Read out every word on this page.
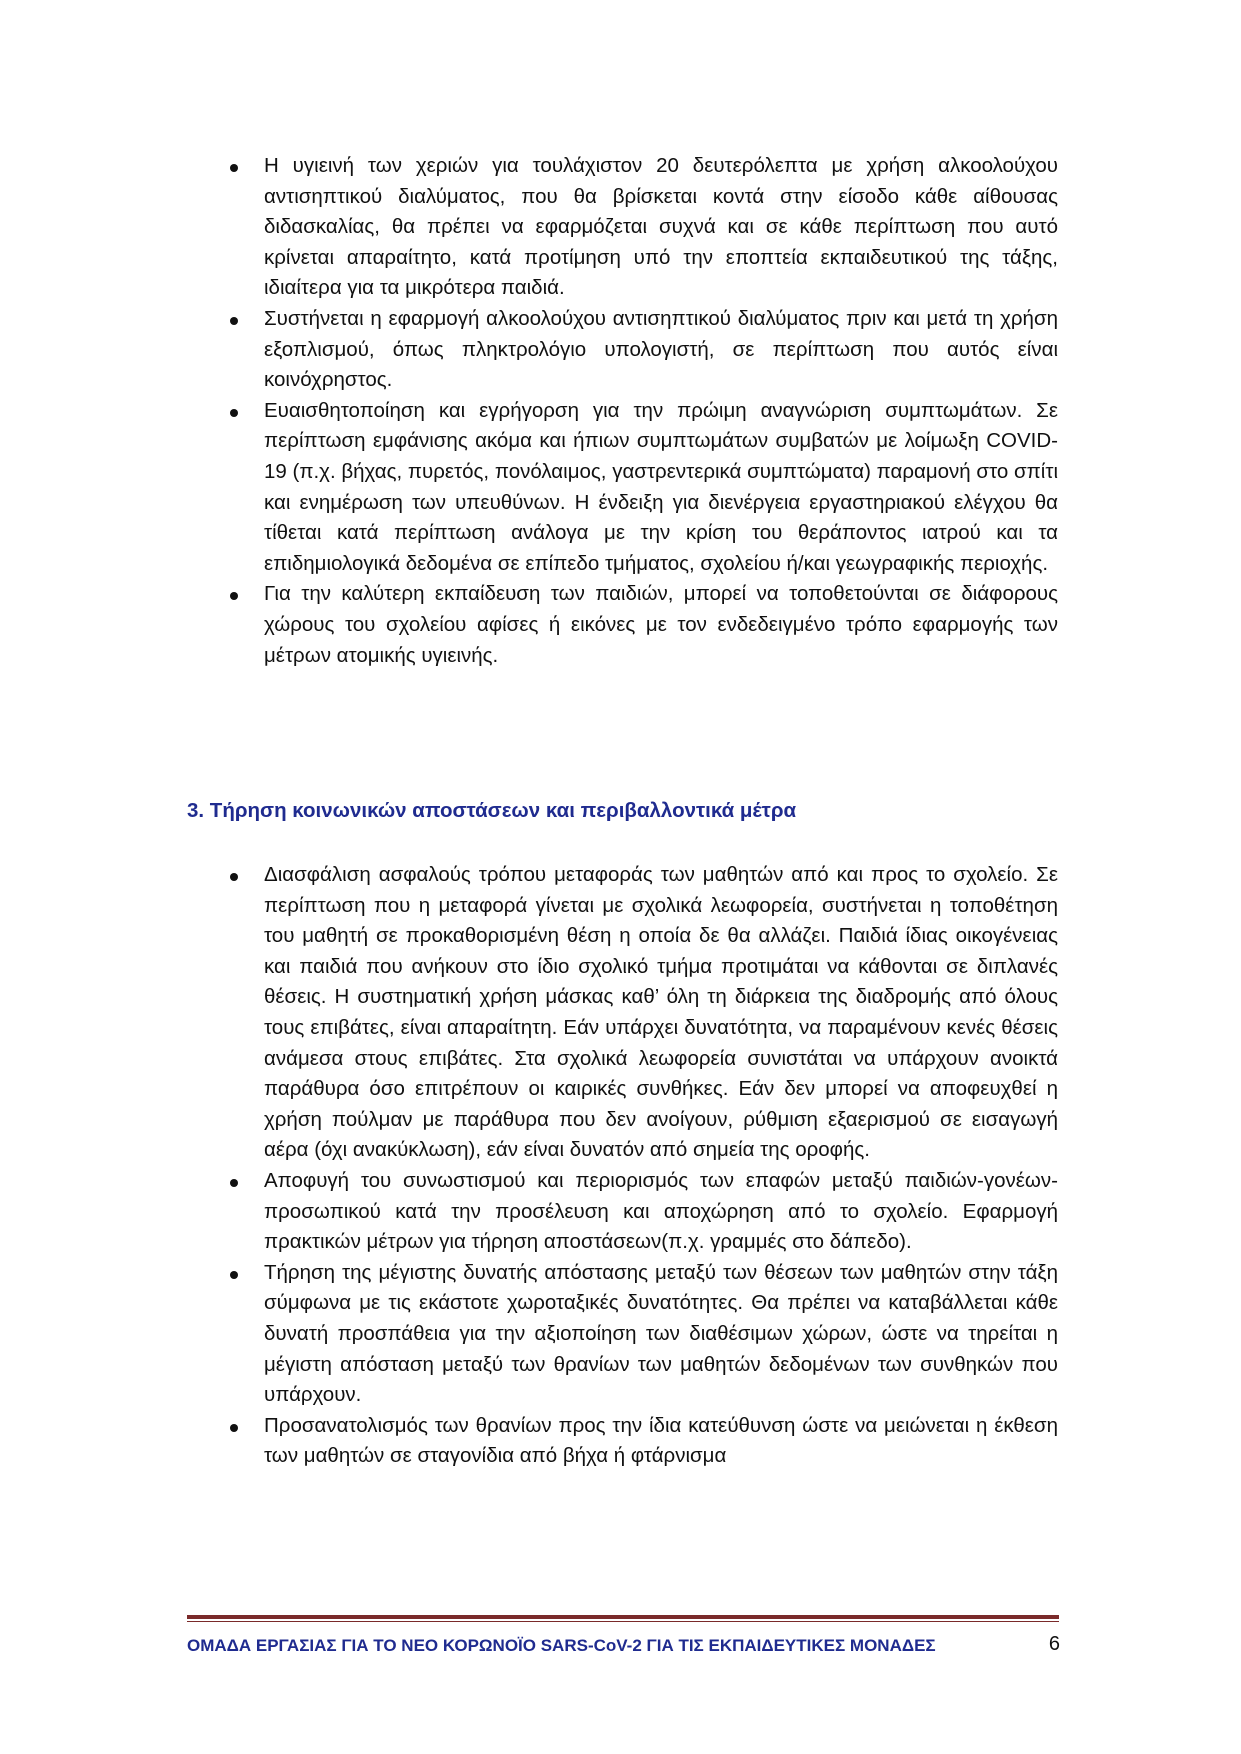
Η υγιεινή των χεριών για τουλάχιστον 20 δευτερόλεπτα με χρήση αλκοολούχου αντισηπτικού διαλύματος, που θα βρίσκεται κοντά στην είσοδο κάθε αίθουσας διδασκαλίας, θα πρέπει να εφαρμόζεται συχνά και σε κάθε περίπτωση που αυτό κρίνεται απαραίτητο, κατά προτίμηση υπό την εποπτεία εκπαιδευτικού της τάξης, ιδιαίτερα για τα μικρότερα παιδιά.
Συστήνεται η εφαρμογή αλκοολούχου αντισηπτικού διαλύματος πριν και μετά τη χρήση εξοπλισμού, όπως πληκτρολόγιο υπολογιστή, σε περίπτωση που αυτός είναι κοινόχρηστος.
Ευαισθητοποίηση και εγρήγορση για την πρώιμη αναγνώριση συμπτωμάτων. Σε περίπτωση εμφάνισης ακόμα και ήπιων συμπτωμάτων συμβατών με λοίμωξη COVID-19 (π.χ. βήχας, πυρετός, πονόλαιμος, γαστρεντερικά συμπτώματα) παραμονή στο σπίτι και ενημέρωση των υπευθύνων. Η ένδειξη για διενέργεια εργαστηριακού ελέγχου θα τίθεται κατά περίπτωση ανάλογα με την κρίση του θεράποντος ιατρού και τα επιδημιολογικά δεδομένα σε επίπεδο τμήματος, σχολείου ή/και γεωγραφικής περιοχής.
Για την καλύτερη εκπαίδευση των παιδιών, μπορεί να τοποθετούνται σε διάφορους χώρους του σχολείου αφίσες ή εικόνες με τον ενδεδειγμένο τρόπο εφαρμογής των μέτρων ατομικής υγιεινής.
3. Τήρηση κοινωνικών αποστάσεων και περιβαλλοντικά μέτρα
Διασφάλιση ασφαλούς τρόπου μεταφοράς των μαθητών από και προς το σχολείο. Σε περίπτωση που η μεταφορά γίνεται με σχολικά λεωφορεία, συστήνεται η τοποθέτηση του μαθητή σε προκαθορισμένη θέση η οποία δε θα αλλάζει. Παιδιά ίδιας οικογένειας και παιδιά που ανήκουν στο ίδιο σχολικό τμήμα προτιμάται να κάθονται σε διπλανές θέσεις. Η συστηματική χρήση μάσκας καθ’ όλη τη διάρκεια της διαδρομής από όλους τους επιβάτες, είναι απαραίτητη. Εάν υπάρχει δυνατότητα, να παραμένουν κενές θέσεις ανάμεσα στους επιβάτες. Στα σχολικά λεωφορεία συνιστάται να υπάρχουν ανοικτά παράθυρα όσο επιτρέπουν οι καιρικές συνθήκες. Εάν δεν μπορεί να αποφευχθεί η χρήση πούλμαν με παράθυρα που δεν ανοίγουν, ρύθμιση εξαερισμού σε εισαγωγή αέρα (όχι ανακύκλωση), εάν είναι δυνατόν από σημεία της οροφής.
Αποφυγή του συνωστισμού και περιορισμός των επαφών μεταξύ παιδιών-γονέων-προσωπικού κατά την προσέλευση και αποχώρηση από το σχολείο. Εφαρμογή πρακτικών μέτρων για τήρηση αποστάσεων(π.χ. γραμμές στο δάπεδο).
Τήρηση της μέγιστης δυνατής απόστασης μεταξύ των θέσεων των μαθητών στην τάξη σύμφωνα με τις εκάστοτε χωροταξικές δυνατότητες. Θα πρέπει να καταβάλλεται κάθε δυνατή προσπάθεια για την αξιοποίηση των διαθέσιμων χώρων, ώστε να τηρείται η μέγιστη απόσταση μεταξύ των θρανίων των μαθητών δεδομένων των συνθηκών που υπάρχουν.
Προσανατολισμός των θρανίων προς την ίδια κατεύθυνση ώστε να μειώνεται η έκθεση των μαθητών σε σταγονίδια από βήχα ή φτάρνισμα
ΟΜΑΔΑ ΕΡΓΑΣΙΑΣ ΓΙΑ ΤΟ ΝΕΟ ΚΟΡΩΝΟΪΟ SARS-CoV-2 ΓΙΑ ΤΙΣ ΕΚΠΑΙΔΕΥΤΙΚΕΣ ΜΟΝΑΔΕΣ	6
